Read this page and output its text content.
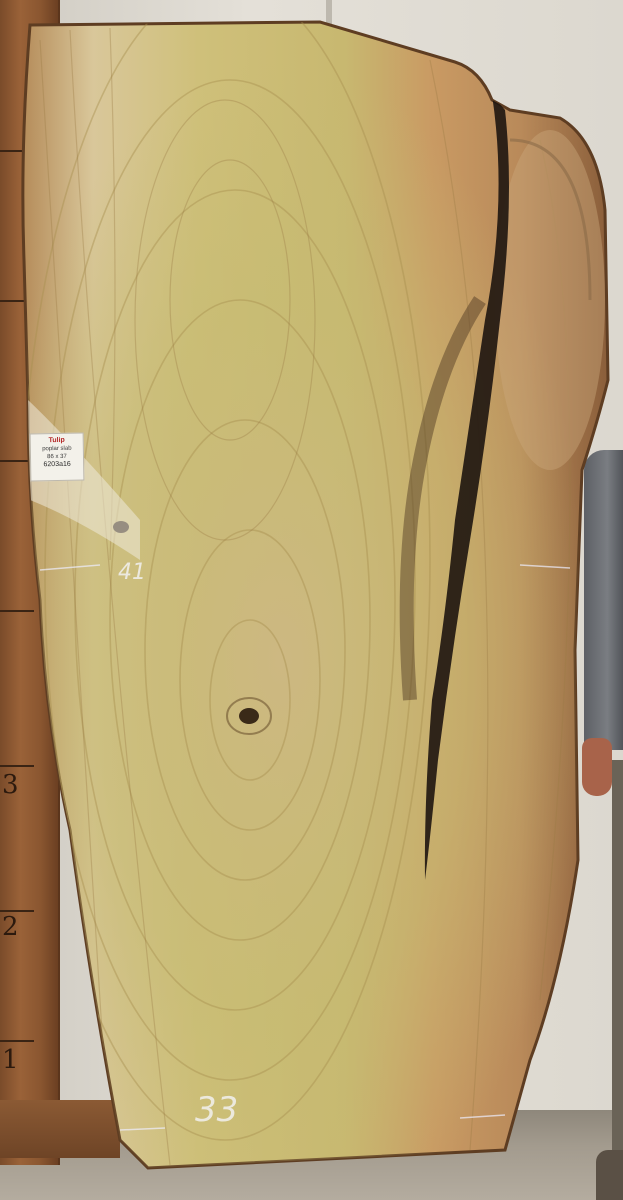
3
2
1
Tulip
poplar slab
86 x 37
6203a16
33
41
